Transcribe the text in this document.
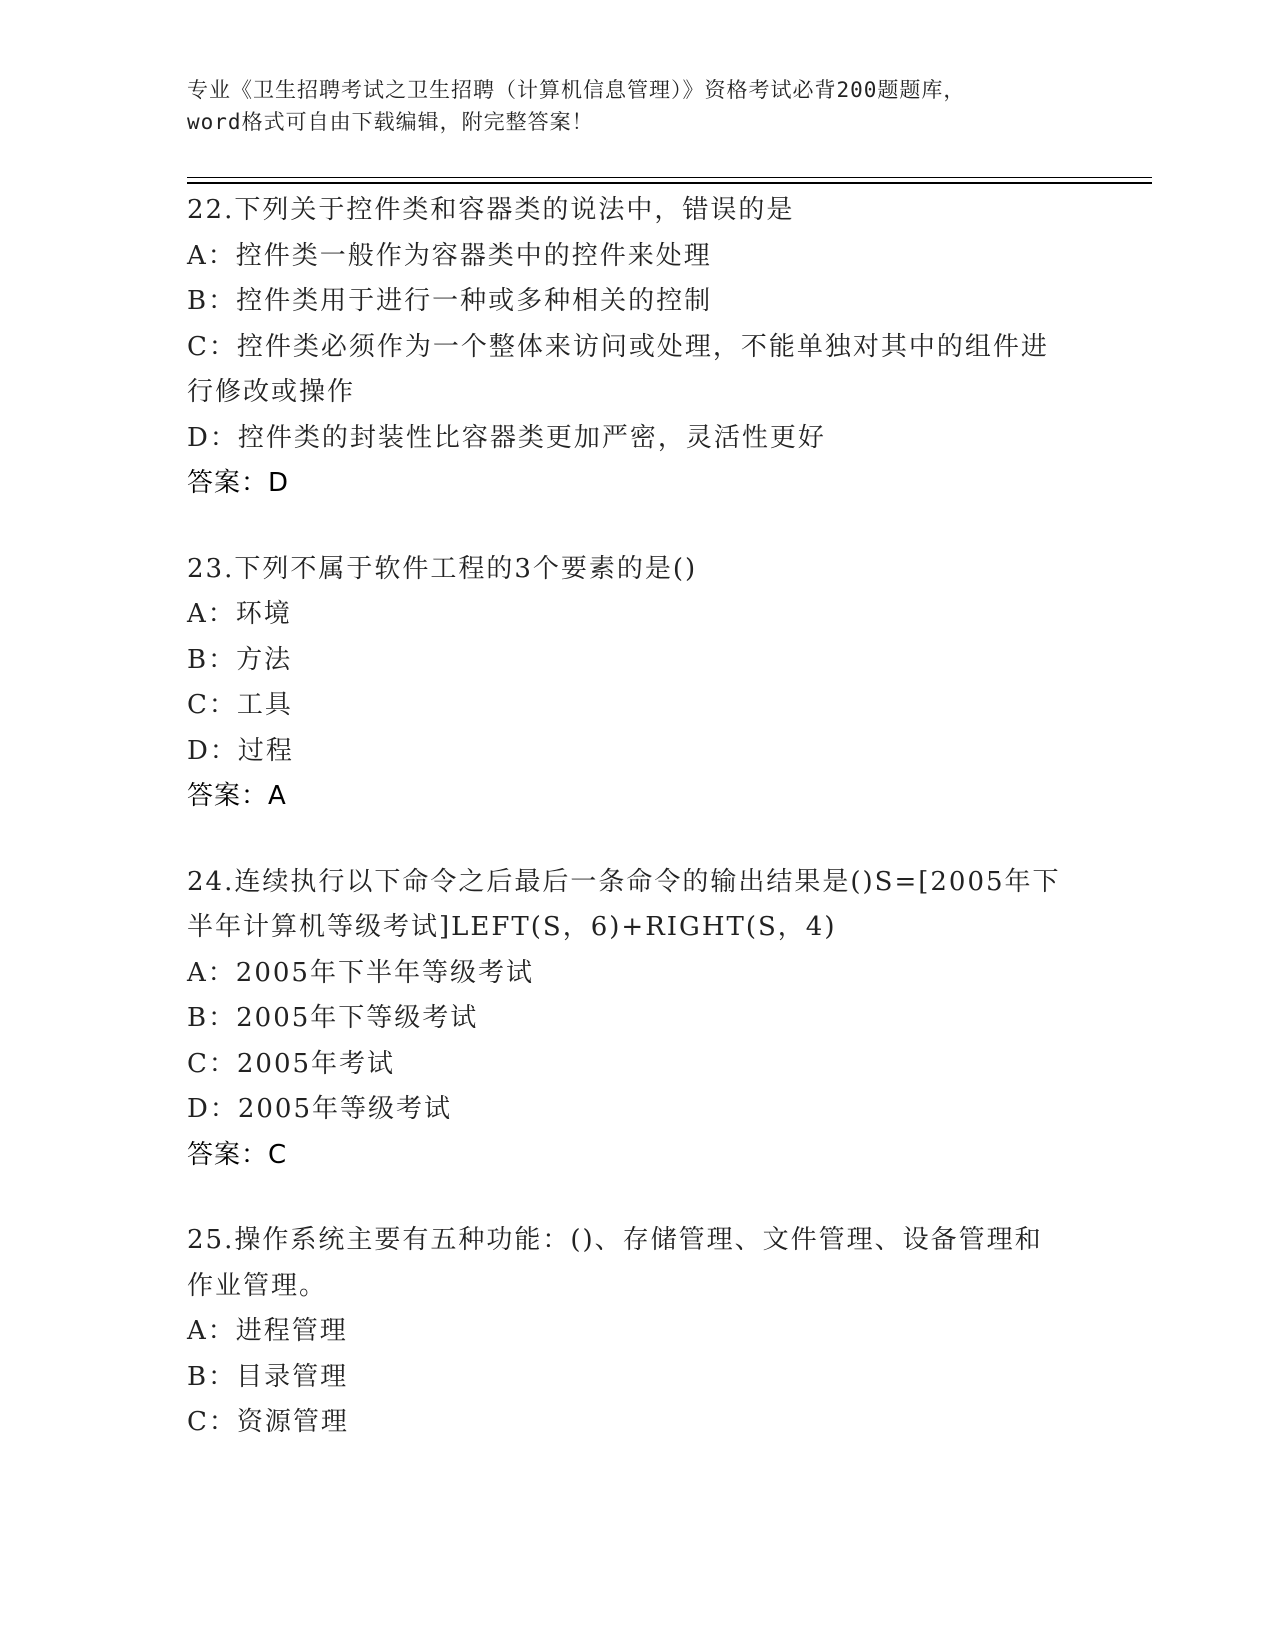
专业《卫生招聘考试之卫生招聘（计算机信息管理）》资格考试必背200题题库，

word格式可自由下载编辑，附完整答案！

22.下列关于控件类和容器类的说法中，错误的是

A：控件类一般作为容器类中的控件来处理

B：控件类用于进行一种或多种相关的控制

C：控件类必须作为一个整体来访问或处理，不能单独对其中的组件进

行修改或操作

D：控件类的封装性比容器类更加严密，灵活性更好

答案：D

23.下列不属于软件工程的3个要素的是()

A：环境

B：方法

C：工具

D：过程

答案：A

24.连续执行以下命令之后最后一条命令的输出结果是()S=[2005年下

半年计算机等级考试]LEFT(S，6)+RIGHT(S，4)

A：2005年下半年等级考试

B：2005年下等级考试

C：2005年考试

D：2005年等级考试

答案：C

25.操作系统主要有五种功能：()、存储管理、文件管理、设备管理和

作业管理。

A：进程管理

B：目录管理

C：资源管理
